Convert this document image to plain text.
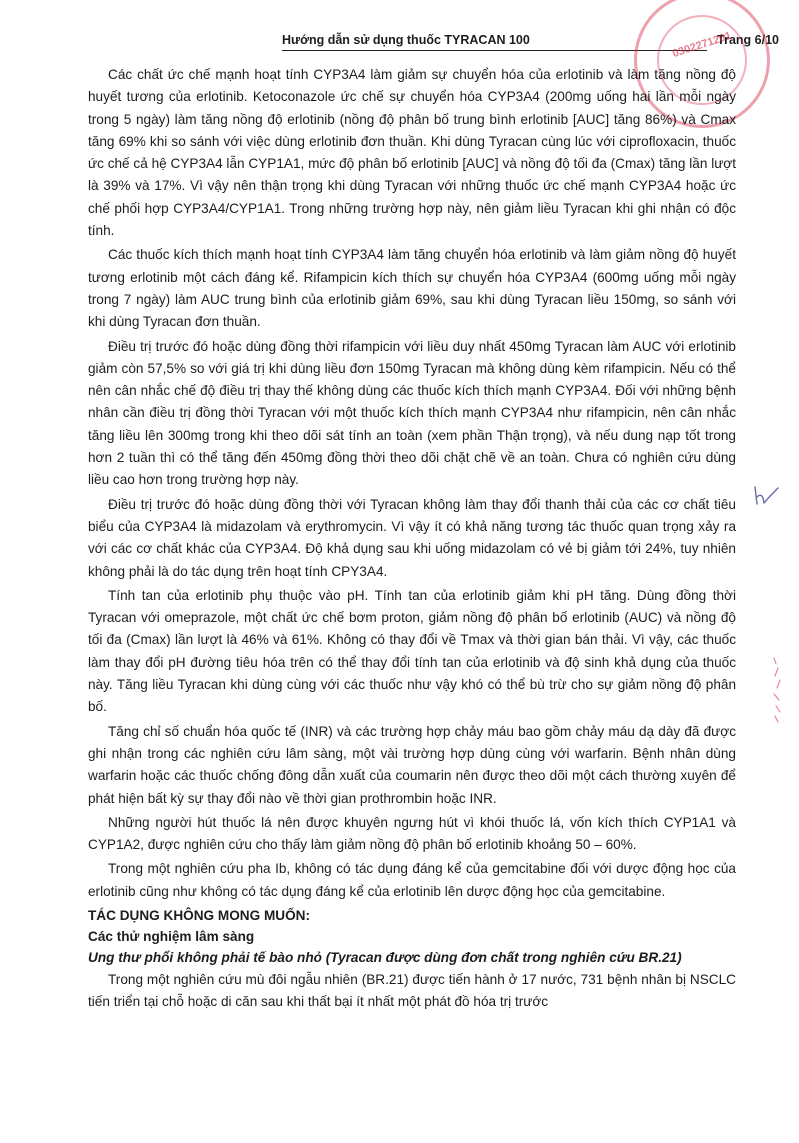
Hướng dẫn sử dụng thuốc TYRACAN 100	Trang 6/10
0302271201

Các chất ức chế mạnh hoạt tính CYP3A4 làm giảm sự chuyển hóa của erlotinib và làm tăng nồng độ huyết tương của erlotinib. Ketoconazole ức chế sự chuyển hóa CYP3A4 (200mg uống hai lần mỗi ngày trong 5 ngày) làm tăng nồng độ erlotinib (nồng độ phân bố trung bình erlotinib [AUC] tăng 86%) và Cmax tăng 69% khi so sánh với việc dùng erlotinib đơn thuần. Khi dùng Tyracan cùng lúc với ciprofloxacin, thuốc ức chế cả hệ CYP3A4 lẫn CYP1A1, mức độ phân bố erlotinib [AUC] và nồng độ tối đa (Cmax) tăng lần lượt là 39% và 17%. Vì vậy nên thận trọng khi dùng Tyracan với những thuốc ức chế mạnh CYP3A4 hoặc ức chế phối hợp CYP3A4/CYP1A1. Trong những trường hợp này, nên giảm liều Tyracan khi ghi nhận có độc tính.

Các thuốc kích thích mạnh hoạt tính CYP3A4 làm tăng chuyển hóa erlotinib và làm giảm nồng độ huyết tương erlotinib một cách đáng kể. Rifampicin kích thích sự chuyển hóa CYP3A4 (600mg uống mỗi ngày trong 7 ngày) làm AUC trung bình của erlotinib giảm 69%, sau khi dùng Tyracan liều 150mg, so sánh với khi dùng Tyracan đơn thuần.

Điều trị trước đó hoặc dùng đồng thời rifampicin với liều duy nhất 450mg Tyracan làm AUC với erlotinib giảm còn 57,5% so với giá trị khi dùng liều đơn 150mg Tyracan mà không dùng kèm rifampicin. Nếu có thể nên cân nhắc chế độ điều trị thay thế không dùng các thuốc kích thích mạnh CYP3A4. Đối với những bệnh nhân cần điều trị đồng thời Tyracan với một thuốc kích thích mạnh CYP3A4 như rifampicin, nên cân nhắc tăng liều lên 300mg trong khi theo dõi sát tính an toàn (xem phần Thận trọng), và nếu dung nạp tốt trong hơn 2 tuần thì có thể tăng đến 450mg đồng thời theo dõi chặt chẽ về an toàn. Chưa có nghiên cứu dùng liều cao hơn trong trường hợp này.

Điều trị trước đó hoặc dùng đồng thời với Tyracan không làm thay đổi thanh thải của các cơ chất tiêu biểu của CYP3A4 là midazolam và erythromycin. Vì vậy ít có khả năng tương tác thuốc quan trọng xảy ra với các cơ chất khác của CYP3A4. Độ khả dụng sau khi uống midazolam có vẻ bị giảm tới 24%, tuy nhiên không phải là do tác dụng trên hoạt tính CPY3A4.

Tính tan của erlotinib phụ thuộc vào pH. Tính tan của erlotinib giảm khi pH tăng. Dùng đồng thời Tyracan với omeprazole, một chất ức chế bơm proton, giảm nồng độ phân bố erlotinib (AUC) và nồng độ tối đa (Cmax) lần lượt là 46% và 61%. Không có thay đổi về Tmax và thời gian bán thải. Vì vậy, các thuốc làm thay đổi pH đường tiêu hóa trên có thể thay đổi tính tan của erlotinib và độ sinh khả dụng của thuốc này. Tăng liều Tyracan khi dùng cùng với các thuốc như vậy khó có thể bù trừ cho sự giảm nồng độ phân bố.

Tăng chỉ số chuẩn hóa quốc tế (INR) và các trường hợp chảy máu bao gồm chảy máu dạ dày đã được ghi nhận trong các nghiên cứu lâm sàng, một vài trường hợp dùng cùng với warfarin. Bệnh nhân dùng warfarin hoặc các thuốc chống đông dẫn xuất của coumarin nên được theo dõi một cách thường xuyên để phát hiện bất kỳ sự thay đổi nào về thời gian prothrombin hoặc INR.

Những người hút thuốc lá nên được khuyên ngưng hút vì khói thuốc lá, vốn kích thích CYP1A1 và CYP1A2, được nghiên cứu cho thấy làm giảm nồng độ phân bố erlotinib khoảng 50 – 60%.

Trong một nghiên cứu pha Ib, không có tác dụng đáng kể của gemcitabine đối với dược động học của erlotinib cũng như không có tác dụng đáng kể của erlotinib lên dược động học của gemcitabine.

TÁC DỤNG KHÔNG MONG MUỐN:
Các thử nghiệm lâm sàng
Ung thư phổi không phải tế bào nhỏ (Tyracan được dùng đơn chất trong nghiên cứu BR.21)

Trong một nghiên cứu mù đôi ngẫu nhiên (BR.21) được tiến hành ở 17 nước, 731 bệnh nhân bị NSCLC tiến triển tại chỗ hoặc di căn sau khi thất bại ít nhất một phát đồ hóa trị trước
